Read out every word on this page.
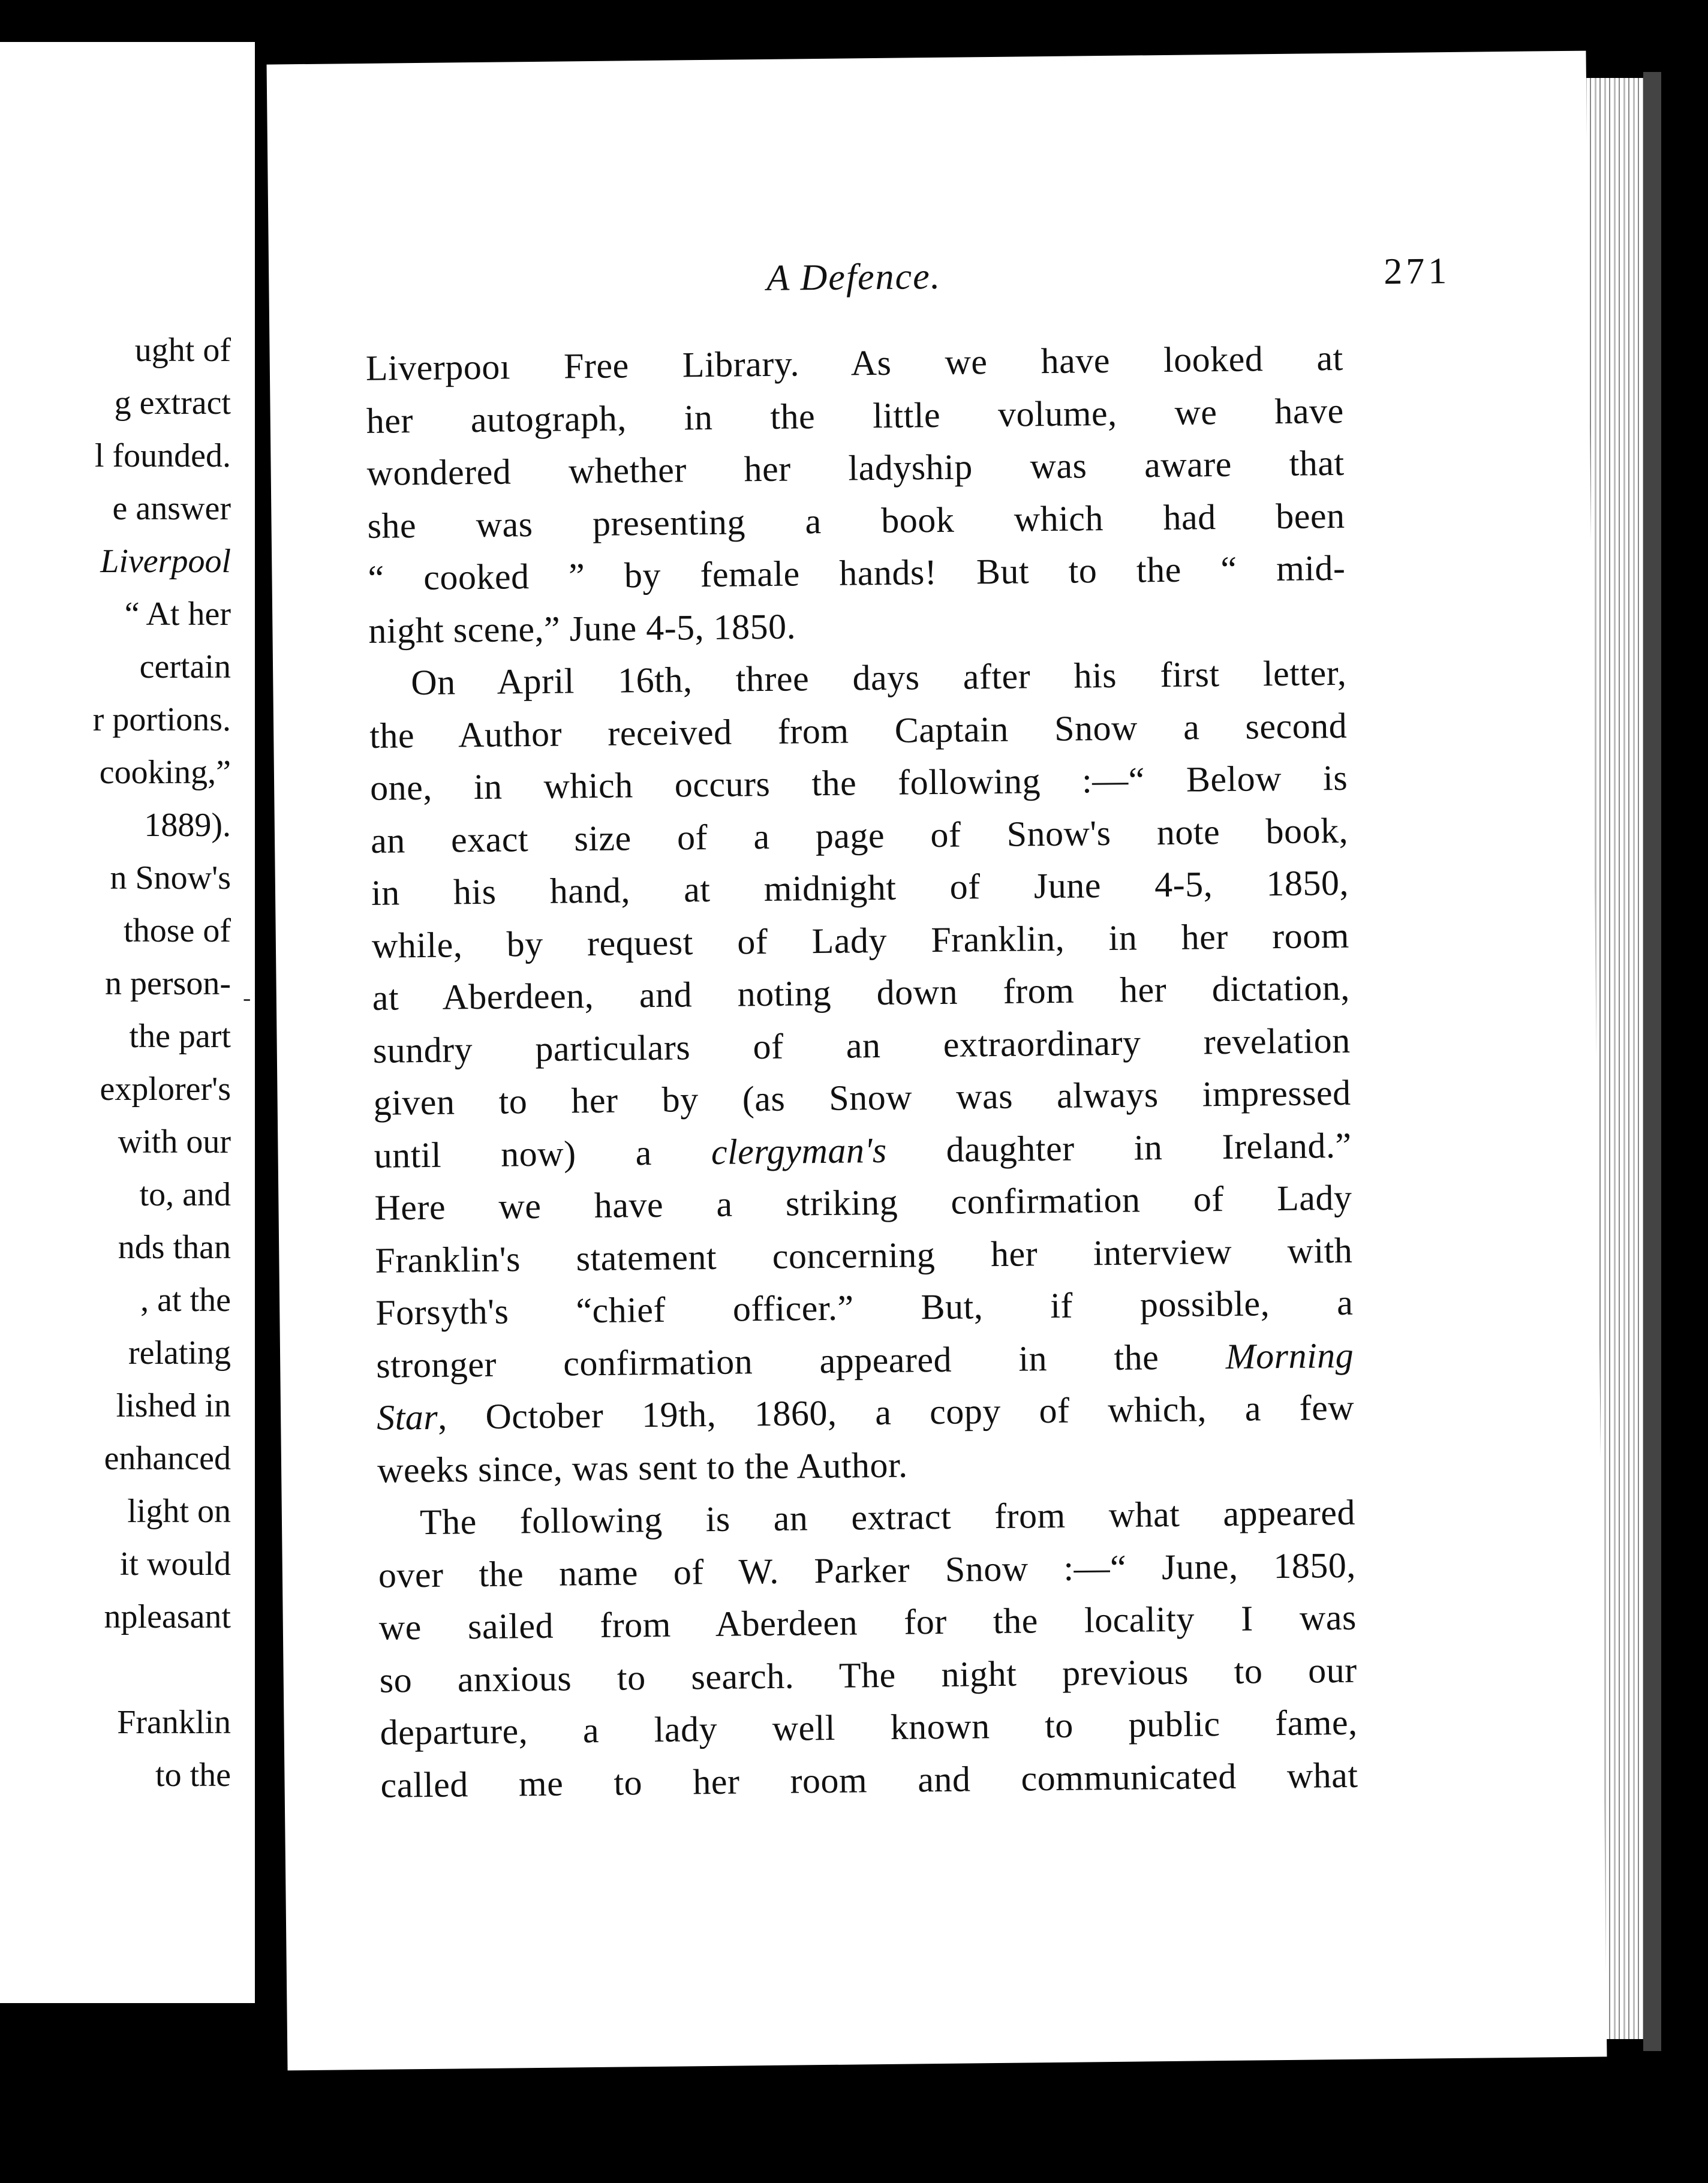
ught of
g extract
l founded.
e answer
Liverpool
“ At her
certain
r portions.
cooking,”
1889).
n Snow's
those of
n person-
the part
explorer's
with our
to, and
nds than
, at the
relating
lished in
enhanced
light on
it would
npleasant
Franklin
to the
-
A Defence.	271
Liverpooı Free Library. As we have looked at
her autograph, in the little volume, we have
wondered whether her ladyship was aware that
she was presenting a book which had been
“ cooked ” by female hands! But to the “ mid-
night scene,” June 4-5, 1850.
On April 16th, three days after his first letter,
the Author received from Captain Snow a second
one, in which occurs the following :—“ Below is
an exact size of a page of Snow's note book,
in his hand, at midnight of June 4-5, 1850,
while, by request of Lady Franklin, in her room
at Aberdeen, and noting down from her dictation,
sundry particulars of an extraordinary revelation
given to her by (as Snow was always impressed
until now) a clergyman's daughter in Ireland.”
Here we have a striking confirmation of Lady
Franklin's statement concerning her interview with
Forsyth's “chief officer.” But, if possible, a
stronger confirmation appeared in the Morning
Star, October 19th, 1860, a copy of which, a few
weeks since, was sent to the Author.
The following is an extract from what appeared
over the name of W. Parker Snow :—“ June, 1850,
we sailed from Aberdeen for the locality I was
so anxious to search. The night previous to our
departure, a lady well known to public fame,
called me to her room and communicated what
